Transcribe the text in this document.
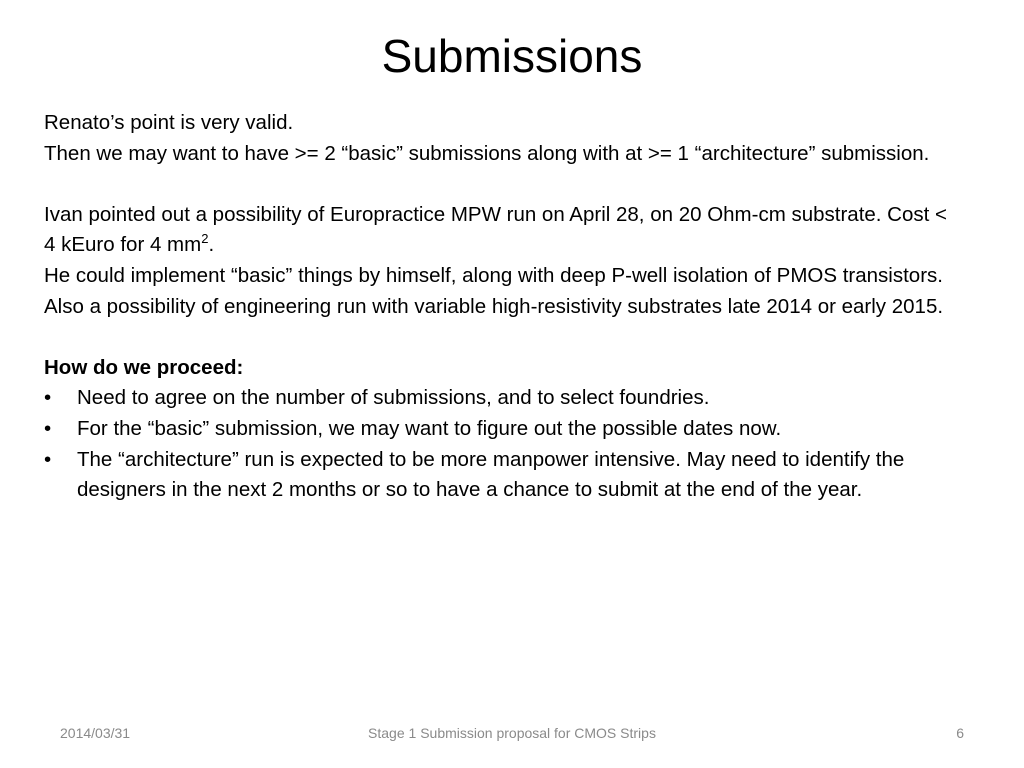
Submissions

Renato’s point is very valid.

Then we may want to have >= 2 “basic” submissions along with at >= 1 “architecture” submission.

Ivan pointed out a possibility of Europractice MPW run on April 28, on 20 Ohm-cm substrate. Cost < 4 kEuro for 4 $mm^2$.

He could implement “basic” things by himself, along with deep P-well isolation of PMOS transistors.

Also a possibility of engineering run with variable high-resistivity substrates late 2014 or early 2015.

How do we proceed:

• Need to agree on the number of submissions, and to select foundries.
• For the “basic” submission, we may want to figure out the possible dates now.
• The “architecture” run is expected to be more manpower intensive. May need to identify the designers in the next 2 months or so to have a chance to submit at the end of the year.
2014/03/31	Stage 1 Submission proposal for CMOS Strips	6
